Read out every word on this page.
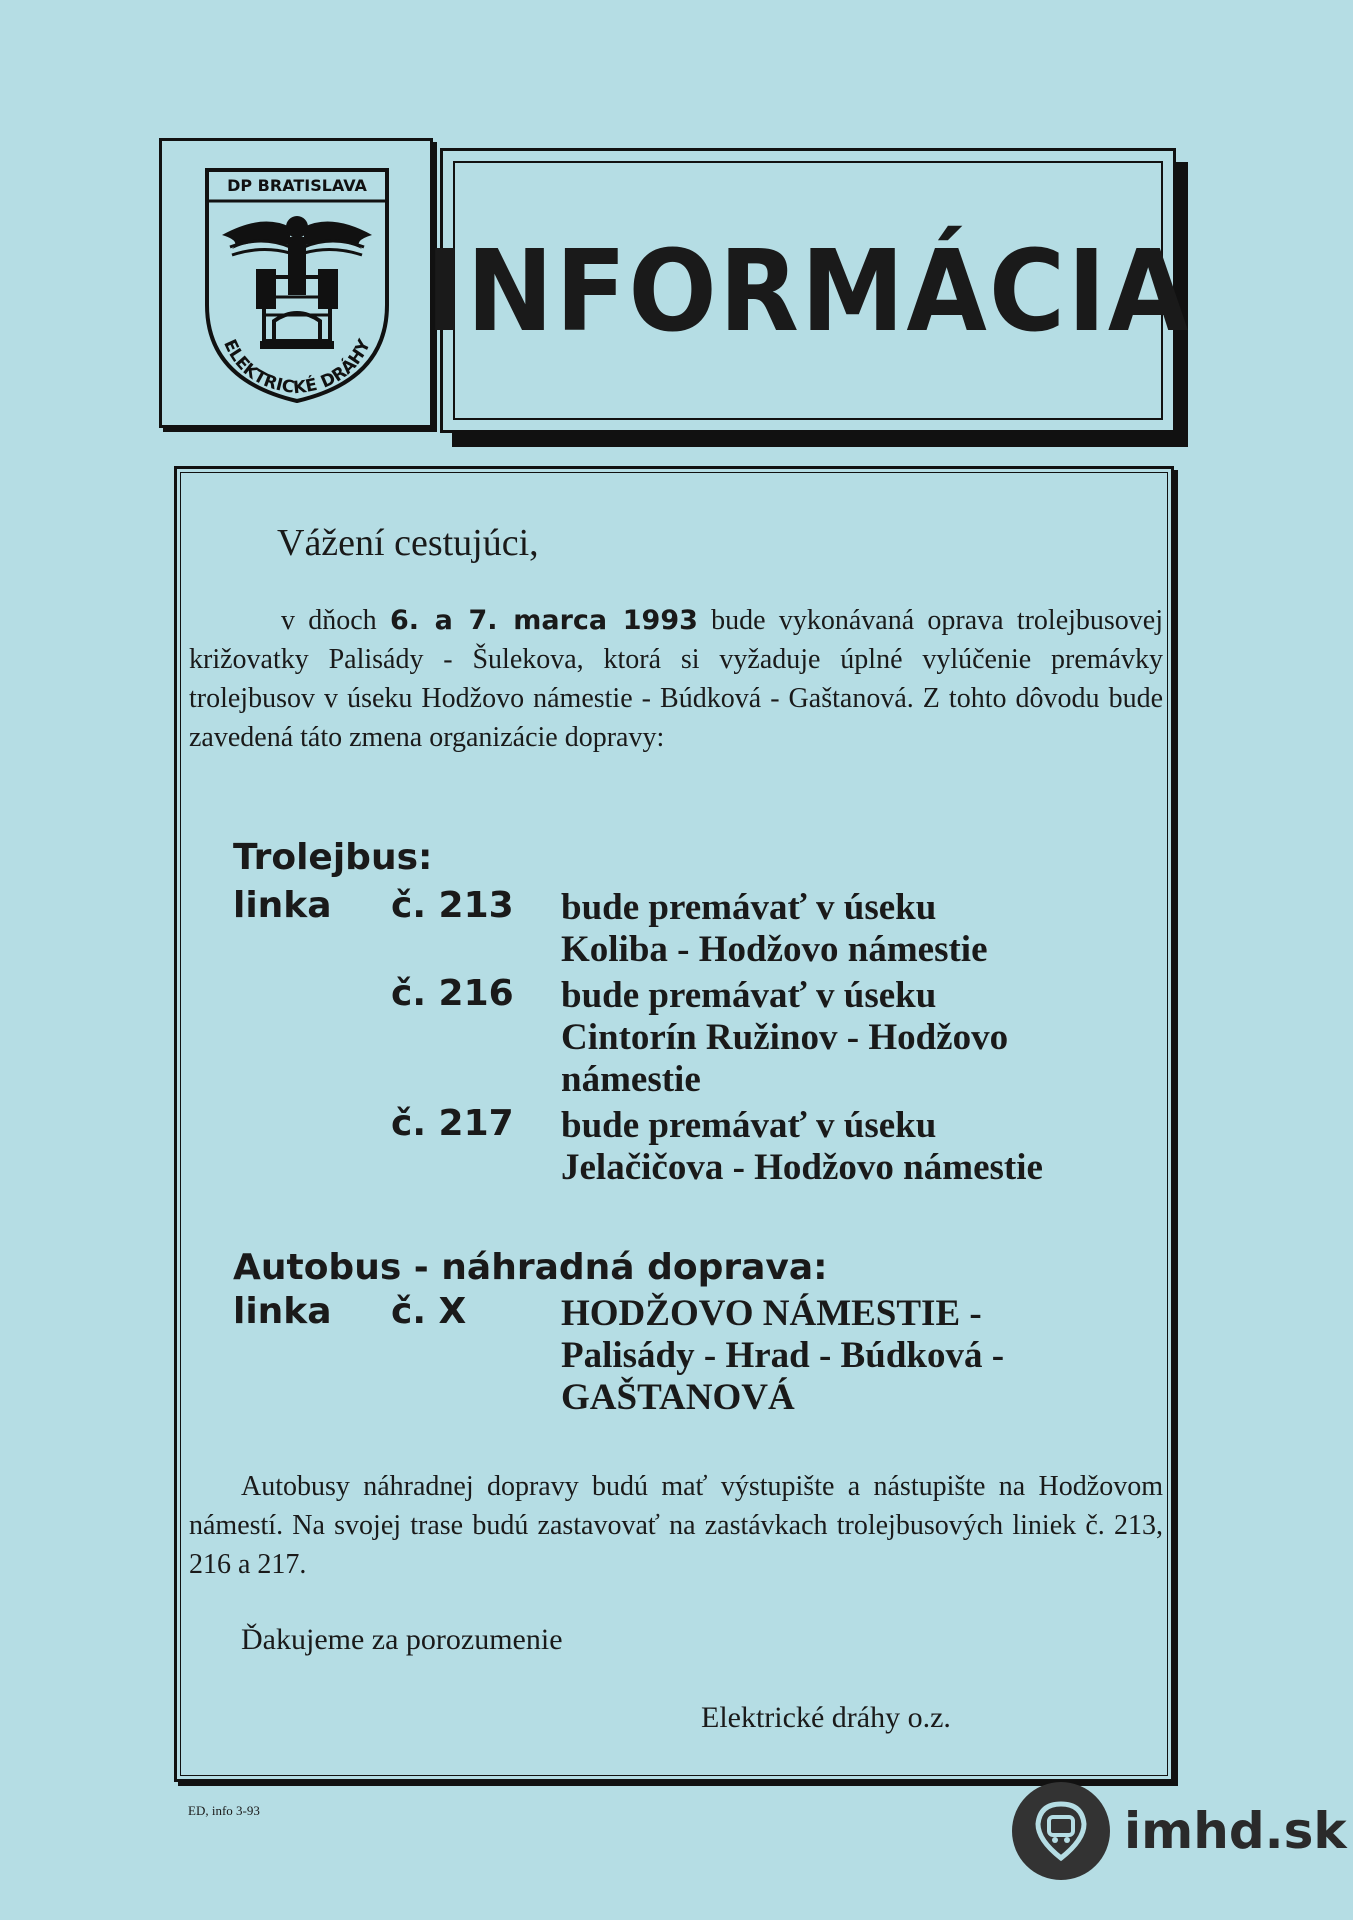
DP BRATISLAVA
ELEKTRICKÉ DRÁHY INFORMÁCIA
Vážení cestujúci,
v dňoch 6. a 7. marca 1993 bude vykonávaná oprava trolejbusovej križovatky Palisády - Šulekova, ktorá si vyžaduje úplné vylúčenie premávky trolejbusov v úseku Hodžovo námestie - Búdková - Gaštanová. Z tohto dôvodu bude zavedená táto zmena organizácie dopravy:
Trolejbus:
linka č. 213 bude premávať v úseku
Koliba - Hodžovo námestie
č. 216 bude premávať v úseku
Cintorín Ružinov - Hodžovo
námestie
č. 217 bude premávať v úseku
Jelačičova - Hodžovo námestie
Autobus - náhradná doprava:
linka č. X	HODŽOVO NÁMESTIE -
Palisády - Hrad - Búdková -
GAŠTANOVÁ
Autobusy náhradnej dopravy budú mať výstupište a nástupište na Hodžovom námestí. Na svojej trase budú zastavovať na zastávkach trolejbusových liniek č. 213, 216 a 217.
Ďakujeme za porozumenie
Elektrické dráhy o.z.
ED, info 3-93	imhd.sk
